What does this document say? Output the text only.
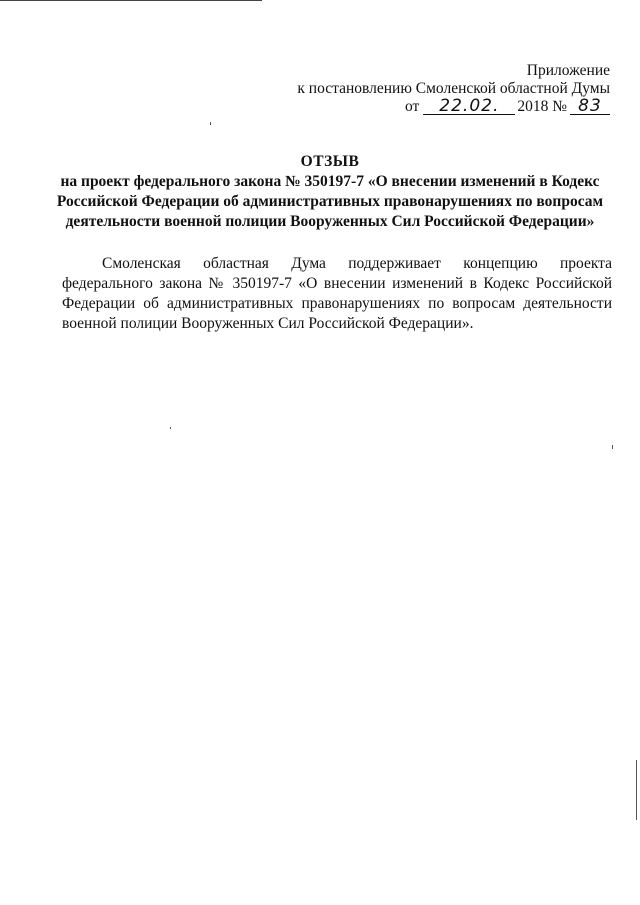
Приложение
к постановлению Смоленской областной Думы
от 22.02. 2018 № 83
ОТЗЫВ
на проект федерального закона № 350197-7 «О внесении изменений в Кодекс Российской Федерации об административных правонарушениях по вопросам деятельности военной полиции Вооруженных Сил Российской Федерации»

Смоленская областная Дума поддерживает концепцию проекта федерального закона № 350197-7 «О внесении изменений в Кодекс Российской Федерации об административных правонарушениях по вопросам деятельности военной полиции Вооруженных Сил Российской Федерации».
